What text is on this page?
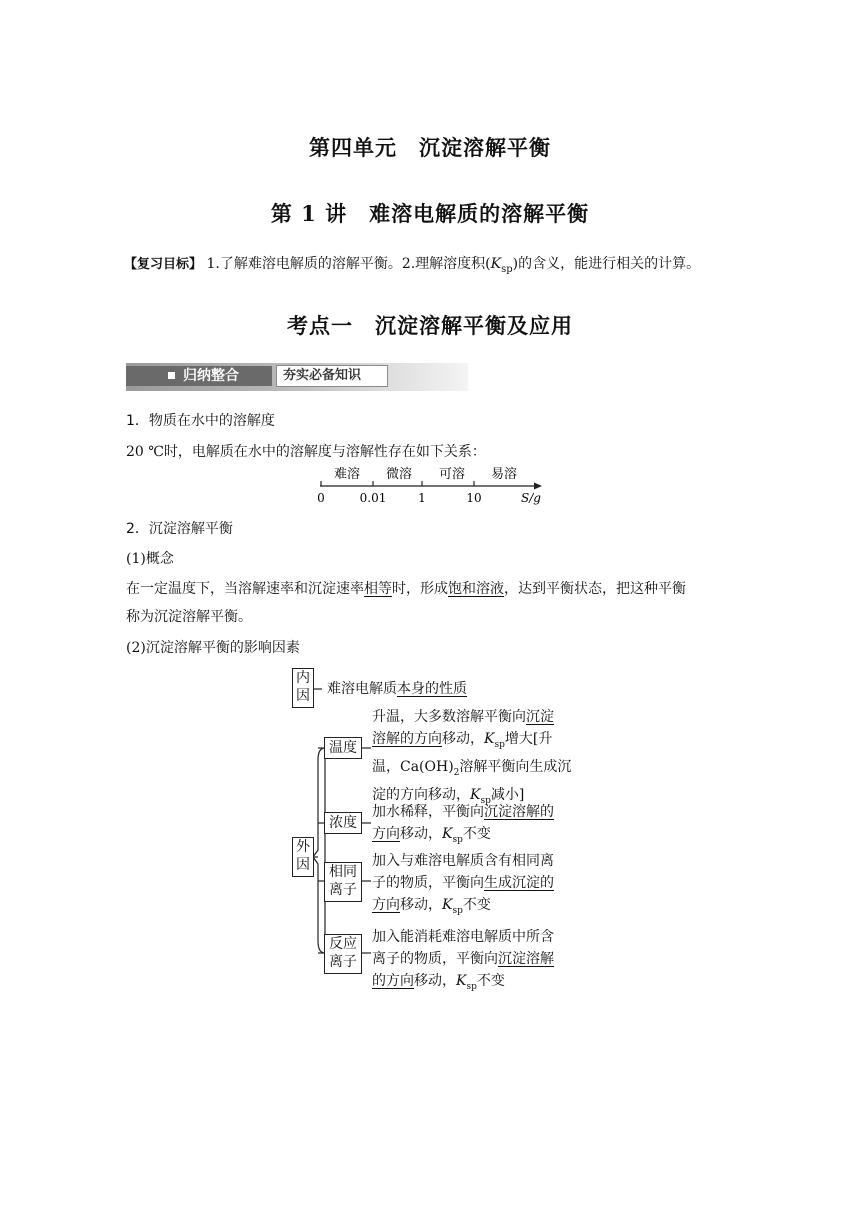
第四单元　沉淀溶解平衡
第 1 讲　难溶电解质的溶解平衡
【复习目标】 1.了解难溶电解质的溶解平衡。2.理解溶度积$(K_{sp})$的含义，能进行相关的计算。
考点一　沉淀溶解平衡及应用
归纳整合	夯实必备知识
1．物质在水中的溶解度
20 ℃时，电解质在水中的溶解度与溶解性存在如下关系：
难溶 微溶 可溶 易溶
0	0.01	1	10	S/g
2．沉淀溶解平衡
(1)概念
在一定温度下，当溶解速率和沉淀速率相等时，形成饱和溶液，达到平衡状态，把这种平衡
称为沉淀溶解平衡。
(2)沉淀溶解平衡的影响因素
内
因 难溶电解质本身的性质
外
因
温度
升温，大多数溶解平衡向沉淀
溶解的方向移动，$K_{sp}$增大[升
温，$Ca(OH)_2$溶解平衡向生成沉
淀的方向移动，$K_{sp}$减小]
浓度
加水稀释，平衡向沉淀溶解的
方向移动，$K_{sp}$不变
相同
离子
加入与难溶电解质含有相同离
子的物质，平衡向生成沉淀的
方向移动，$K_{sp}$不变
反应
离子
加入能消耗难溶电解质中所含
离子的物质，平衡向沉淀溶解
的方向移动，$K_{sp}$不变
